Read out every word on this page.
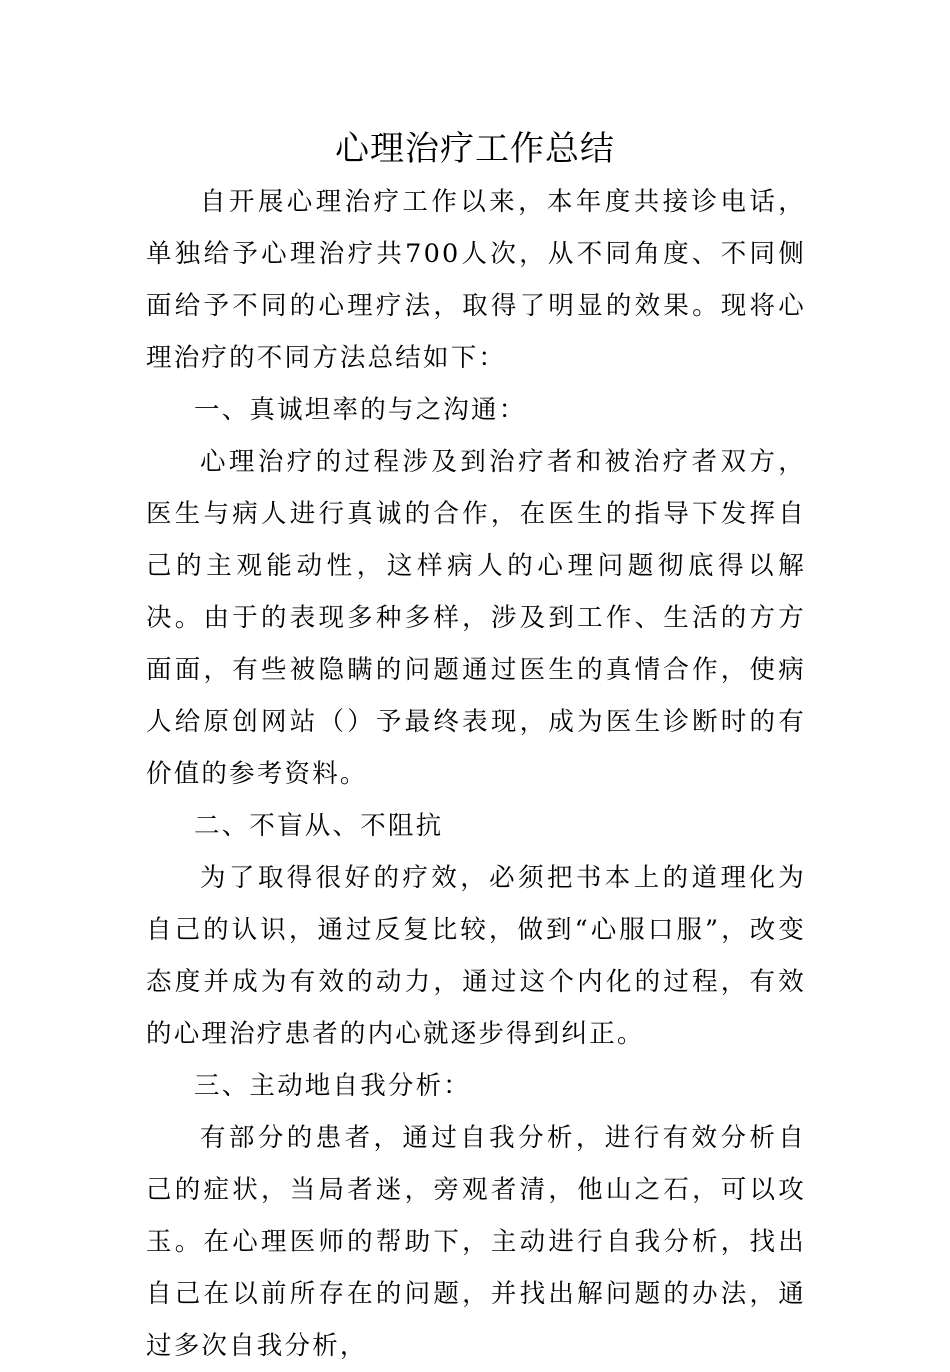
心理治疗工作总结

自开展心理治疗工作以来，本年度共接诊电话，单独给予心理治疗共700人次，从不同角度、不同侧面给予不同的心理疗法，取得了明显的效果。现将心理治疗的不同方法总结如下：

一、真诚坦率的与之沟通：

心理治疗的过程涉及到治疗者和被治疗者双方，医生与病人进行真诚的合作，在医生的指导下发挥自己的主观能动性，这样病人的心理问题彻底得以解决。由于的表现多种多样，涉及到工作、生活的方方面面，有些被隐瞒的问题通过医生的真情合作，使病人给原创网站（）予最终表现，成为医生诊断时的有价值的参考资料。

二、不盲从、不阻抗

为了取得很好的疗效，必须把书本上的道理化为自己的认识，通过反复比较，做到“心服口服”，改变态度并成为有效的动力，通过这个内化的过程，有效的心理治疗患者的内心就逐步得到纠正。

三、主动地自我分析：

有部分的患者，通过自我分析，进行有效分析自己的症状，当局者迷，旁观者清，他山之石，可以攻玉。在心理医师的帮助下，主动进行自我分析，找出自己在以前所存在的问题，并找出解问题的办法，通过多次自我分析，
